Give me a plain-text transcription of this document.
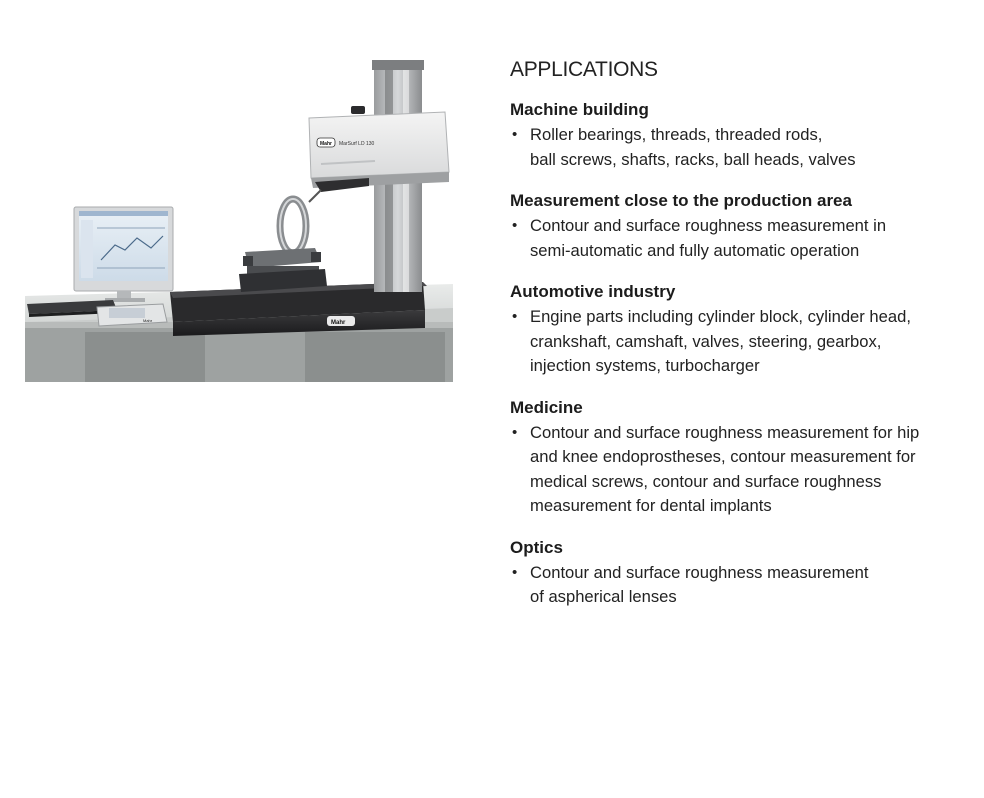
Mahr	Mahr
Mahr MarSurf LD 130
APPLICATIONS
Machine building
• Roller bearings, threads, threaded rods,
ball screws, shafts, racks, ball heads, valves
Measurement close to the production area
• Contour and surface roughness measurement in
semi-automatic and fully automatic operation
Automotive industry
• Engine parts including cylinder block, cylinder head,
crankshaft, camshaft, valves, steering, gearbox,
injection systems, turbocharger
Medicine
• Contour and surface roughness measurement for hip
and knee endoprostheses, contour measurement for
medical screws, contour and surface roughness
measurement for dental implants
Optics
• Contour and surface roughness measurement
of aspherical lenses
